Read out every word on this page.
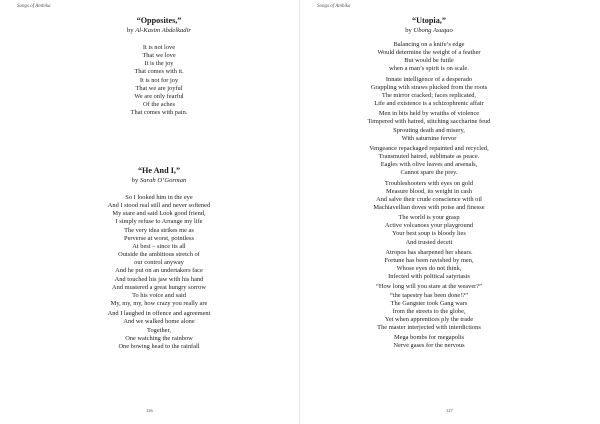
Songs of Ambika

“Opposites,”

by Al-Kasim Abdelkadir

It is not love
That we love
It is the joy
That comes with it.
It is not for joy
That we are joyful
We are only fearful
Of the aches
That comes with pain.

“He And I,”

by Sarah O’Gorman

So I looked him in the eye
And I stood real still and never softened
My stare and said Look good friend,
I simply refuse to Arrange my life
The very idea strikes me as
Perverse at worst, pointless
At best – since its all
Outside the ambitious stretch of
our control anyway
And he put on an undertakers face
And touched his jaw with his hand
And mustered a great hungry sorrow
To his voice and said
My, my, my, how crazy you really are
And I laughed in offence and agreement
And we walked home alone
Together,
One watching the rainbow
One bowing head to the rainfall
126
Songs of Ambika

“Utopia,”

by Ubong Asuquo

Balancing on a knife’s edge
Would determine the weight of a feather
But would be futile
when a man’s spirit is on scale.
Innate intelligence of a desperado
Grappling with straws plucked from the roots
The mirror cracked; faces replicated,
Life and existence is a schizophrenic affair
Men in bits held by wraiths of violence
Tempered with hatred, stitching saccharine feud
Sprouting death and misery,
With saturnine fervor
Vengeance repackaged repainted and recycled,
Transmuted hatred, sublimate as peace.
Eagles with olive leaves and arsenals,
Cannot spare the prey.
Troubleshooters with eyes on gold
Measure blood, its weight in cash
And salve their crude conscience with oil
Machiavellian doves with poise and finesse
The world is your grasp
Active volcanoes your playground
Your best soup is bloody lies
And trusted deceit
Atropos has sharpened her shears.
Fortune has been ravished by men,
Whose eyes do not think,
Infected with political satyriasis
“How long will you stare at the weaver?”
“the tapestry has been done!?”
The Gangster took Gang wars
from the streets to the globe,
Yet when apprentices ply the trade
The master interjected with interdictions
Mega bombs for megapolis
Nerve gases for the nervous
127
